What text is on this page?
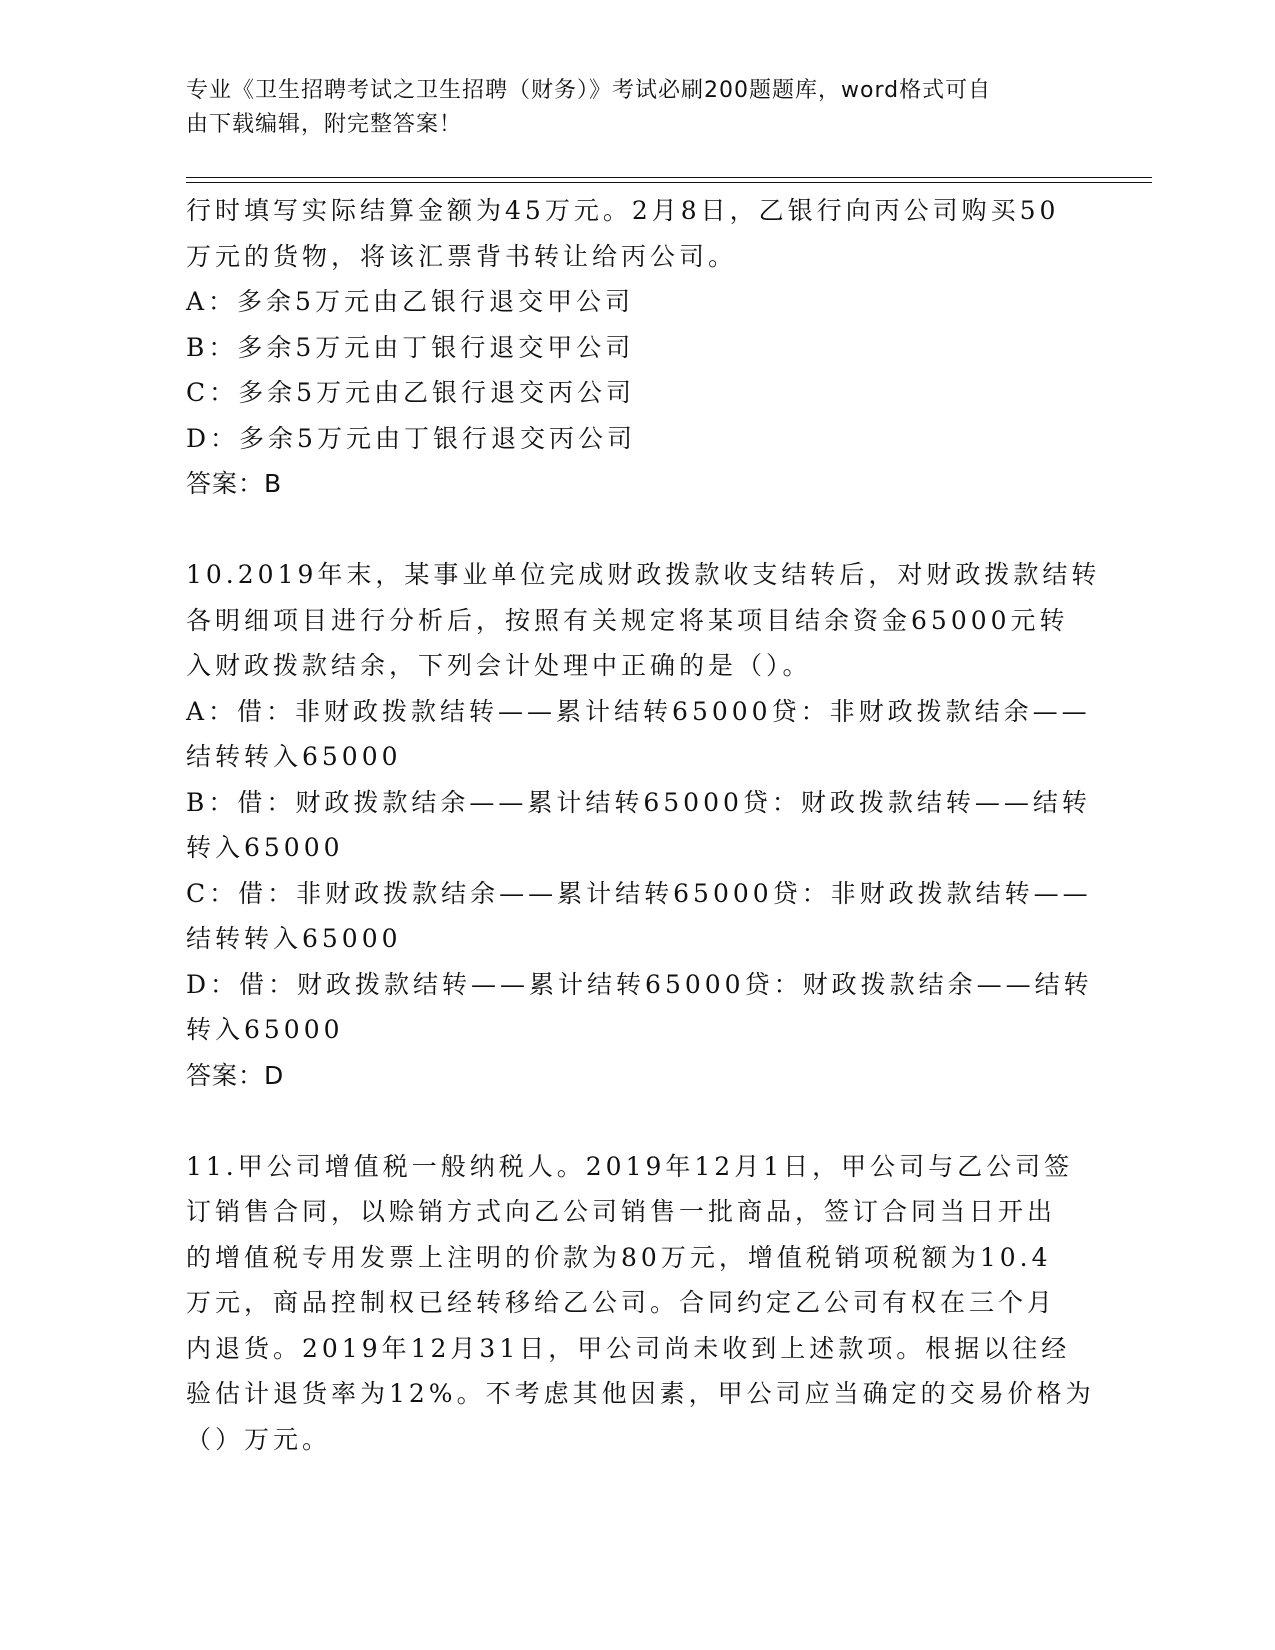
专业《卫生招聘考试之卫生招聘（财务）》考试必刷200题题库，word格式可自
由下载编辑，附完整答案！
行时填写实际结算金额为45万元。2月8日，乙银行向丙公司购买50
万元的货物，将该汇票背书转让给丙公司。
A：多余5万元由乙银行退交甲公司
B：多余5万元由丁银行退交甲公司
C：多余5万元由乙银行退交丙公司
D：多余5万元由丁银行退交丙公司
答案：B
10.2019年末，某事业单位完成财政拨款收支结转后，对财政拨款结转
各明细项目进行分析后，按照有关规定将某项目结余资金65000元转
入财政拨款结余，下列会计处理中正确的是（）。
A：借：非财政拨款结转——累计结转65000贷：非财政拨款结余——
结转转入65000
B：借：财政拨款结余——累计结转65000贷：财政拨款结转——结转
转入65000
C：借：非财政拨款结余——累计结转65000贷：非财政拨款结转——
结转转入65000
D：借：财政拨款结转——累计结转65000贷：财政拨款结余——结转
转入65000
答案：D
11.甲公司增值税一般纳税人。2019年12月1日，甲公司与乙公司签
订销售合同，以赊销方式向乙公司销售一批商品，签订合同当日开出
的增值税专用发票上注明的价款为80万元，增值税销项税额为10.4
万元，商品控制权已经转移给乙公司。合同约定乙公司有权在三个月
内退货。2019年12月31日，甲公司尚未收到上述款项。根据以往经
验估计退货率为12%。不考虑其他因素，甲公司应当确定的交易价格为
（）万元。
